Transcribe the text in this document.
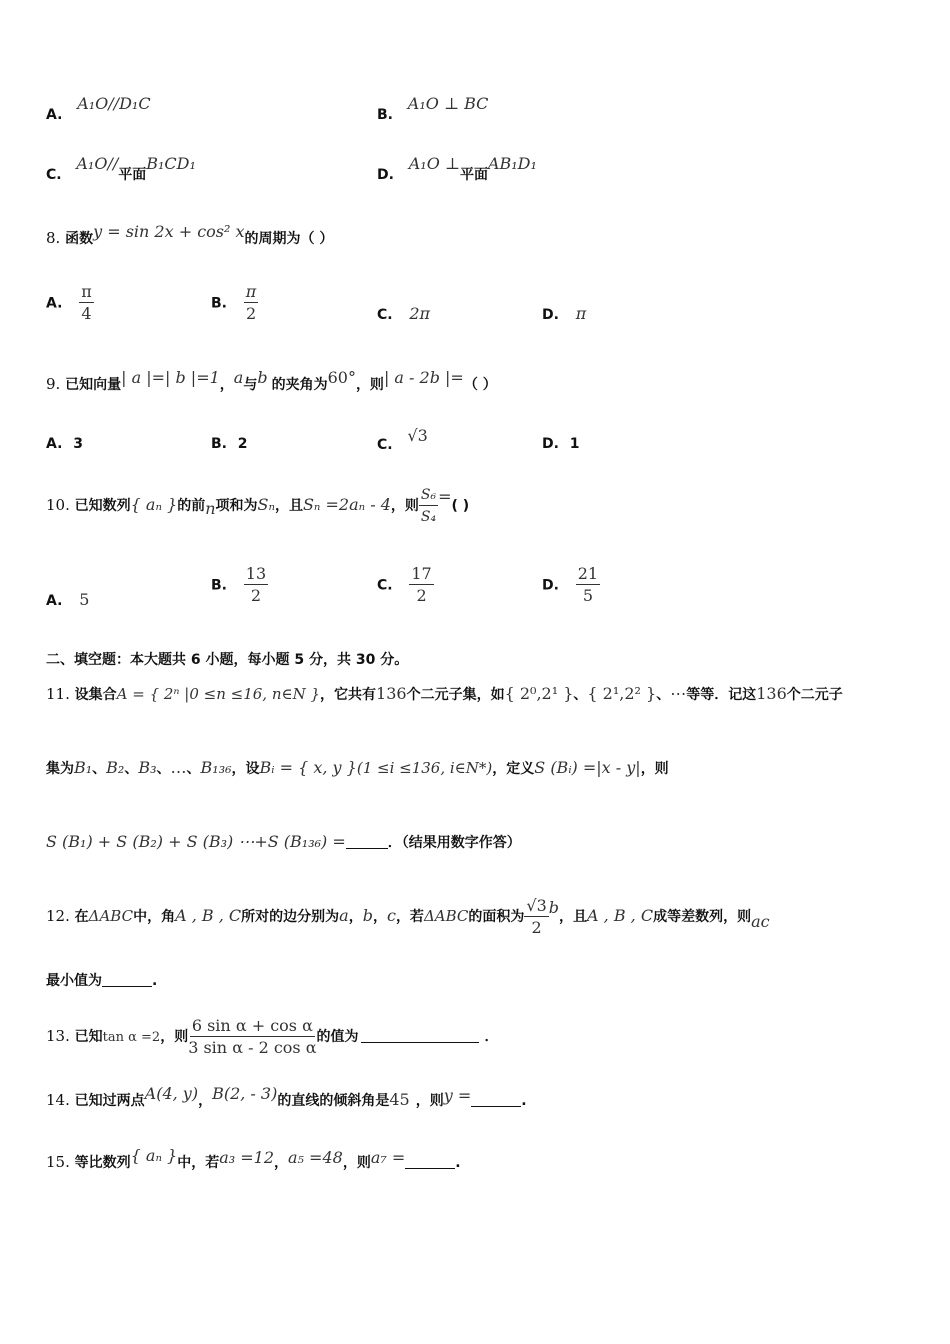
A. A₁O//D₁C
B. A₁O ⊥ BC
C. A₁O//平面B₁CD₁
D. A₁O ⊥平面AB₁D₁
8. 函数y = sin 2x + cos² x的周期为（ ）
A. $\frac{\pi}{4}$	B. $\frac{\pi}{2}$	C. 2π	D. π
9. 已知向量| a |=| b |=1，a与b 的夹角为60°，则| a - 2b |=（ ）
A. 3	B. 2	C. √3	D. 1
10. 已知数列{ aₙ }的前n项和为Sₙ，且Sₙ =2aₙ - 4，则 $\frac{\text{S₆}}{\text{S₄}}$ =( )
A. 5
B. $\frac{13}{2}$	C. $\frac{17}{2}$	D. $\frac{21}{5}$
二、填空题：本大题共 6 小题，每小题 5 分，共 30 分。
11. 设集合A = { 2ⁿ |0 ≤n ≤16, n∈N }，它共有136个二元子集，如{ 2⁰,2¹ }、{ 2¹,2² }、⋯等等．记这136个二元子
集为B₁、B₂、B₃、…、B₁₃₆，设Bᵢ = { x, y }(1 ≤i ≤136, i∈N*)，定义S (Bᵢ) =|x - y|，则
S (B₁) + S (B₂) + S (B₃) ⋯+S (B₁₃₆) =	．（结果用数字作答）
12. 在ΔABC中，角A , B , C所对的边分别为a，b，c，若ΔABC的面积为 $\frac{√3}{2}$ b，且A , B , C成等差数列，则ac
最小值为	.
13. 已知tan α =2，则 $\frac{\text{6 sin α + cos α}}{\text{3 sin α - 2 cos α}}$ 的值为	．
14. 已知过两点A(4, y)，B(2, - 3)的直线的倾斜角是45 ，则y =	.
15. 等比数列{ aₙ }中，若a₃ =12，a₅ =48，则a₇ =	.
